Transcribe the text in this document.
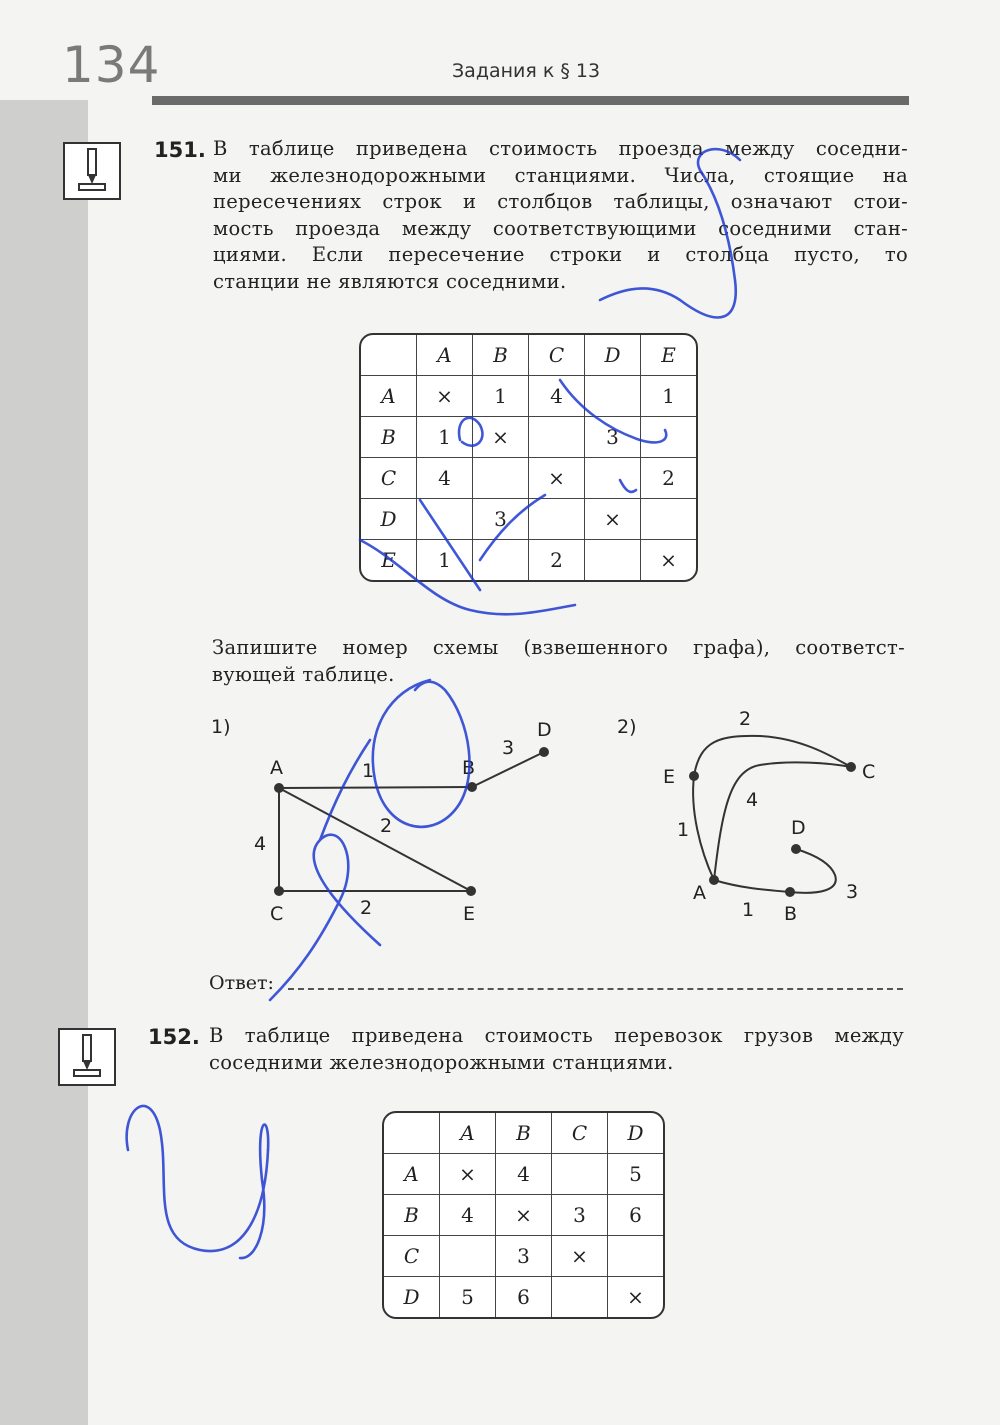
134	Задания к § 13
151. В таблице приведена стоимость проезда между соседни-
ми железнодорожными станциями. Числа, стоящие на
пересечениях строк и столбцов таблицы, означают стои-
мость проезда между соответствующими соседними стан-
циями. Если пересечение строки и столбца пусто, то
станции не являются соседними.
	A	B	C	D	E
A	×	1	4		1
B	1	×		3	
C	4		×		2
D		3		×	
E	1		2		×
Запишите номер схемы (взвешенного графа), соответст-
вующей таблице.
1)	2)
A	B
D
C	E
1
3
2
4
2
E	C
A
B
D
2
4
1
1
3
Ответ:
152. В таблице приведена стоимость перевозок грузов между
соседними железнодорожными станциями.
	A	B	C	D
A	×	4		5
B	4	×	3	6
C		3	×	
D	5	6		×
